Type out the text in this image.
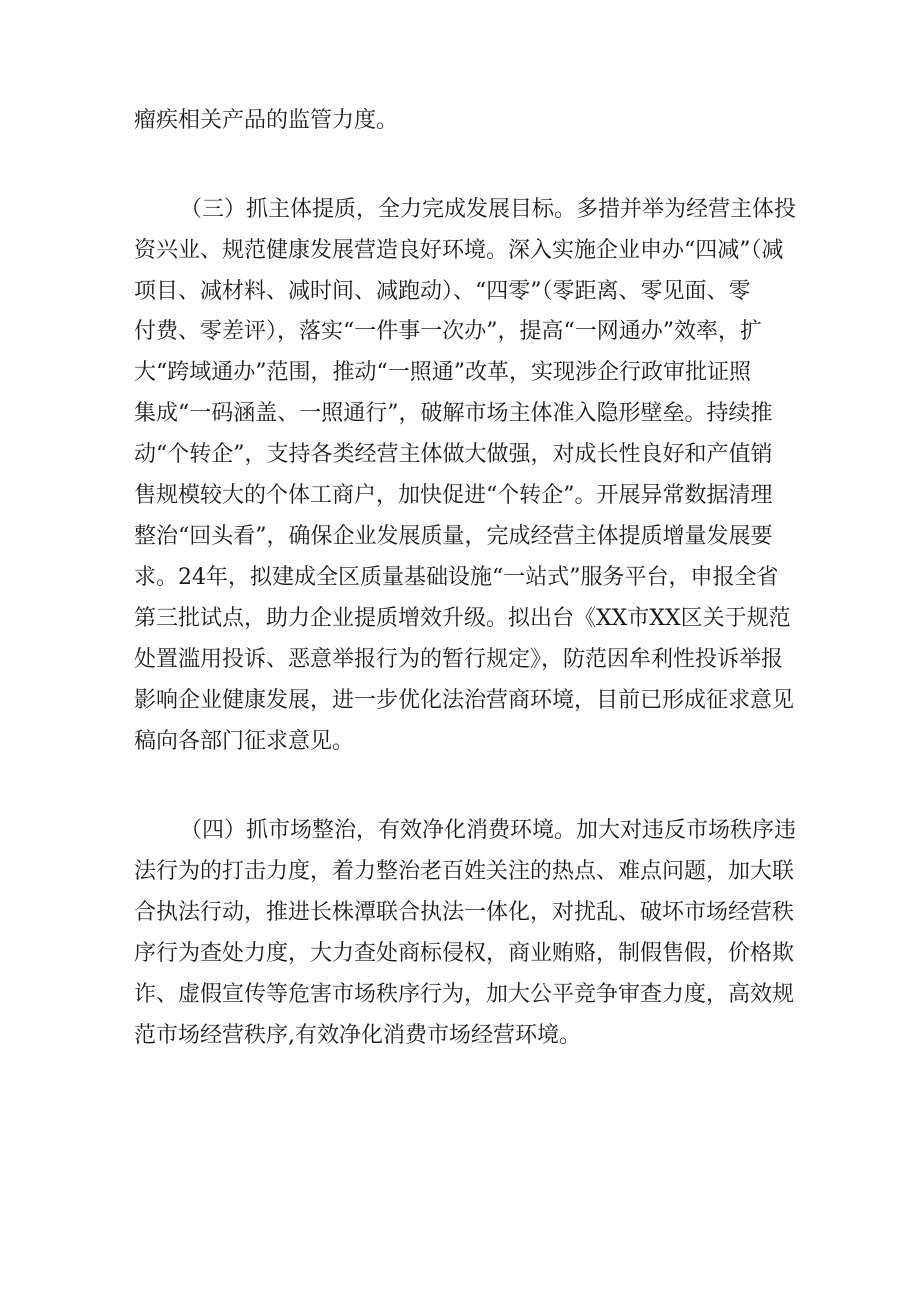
瘤疾相关产品的监管力度。

（三）抓主体提质，全力完成发展目标。多措并举为经营主体投

资兴业、规范健康发展营造良好环境。深入实施企业申办“四减”（减

项目、减材料、减时间、减跑动）、“四零”（零距离、零见面、零

付费、零差评），落实“一件事一次办”，提高“一网通办”效率，扩

大“跨域通办”范围，推动“一照通”改革，实现涉企行政审批证照

集成“一码涵盖、一照通行”，破解市场主体准入隐形壁垒。持续推

动“个转企”，支持各类经营主体做大做强，对成长性良好和产值销

售规模较大的个体工商户，加快促进“个转企”。开展异常数据清理

整治“回头看”，确保企业发展质量，完成经营主体提质增量发展要

求。24年，拟建成全区质量基础设施“一站式”服务平台，申报全省

第三批试点，助力企业提质增效升级。拟出台《XX市XX区关于规范

处置滥用投诉、恶意举报行为的暂行规定》，防范因牟利性投诉举报

影响企业健康发展，进一步优化法治营商环境，目前已形成征求意见

稿向各部门征求意见。

（四）抓市场整治，有效净化消费环境。加大对违反市场秩序违

法行为的打击力度，着力整治老百姓关注的热点、难点问题，加大联

合执法行动，推进长株潭联合执法一体化，对扰乱、破坏市场经营秩

序行为查处力度，大力查处商标侵权，商业贿赂，制假售假，价格欺

诈、虚假宣传等危害市场秩序行为，加大公平竞争审查力度，高效规

范市场经营秩序,有效净化消费市场经营环境。
